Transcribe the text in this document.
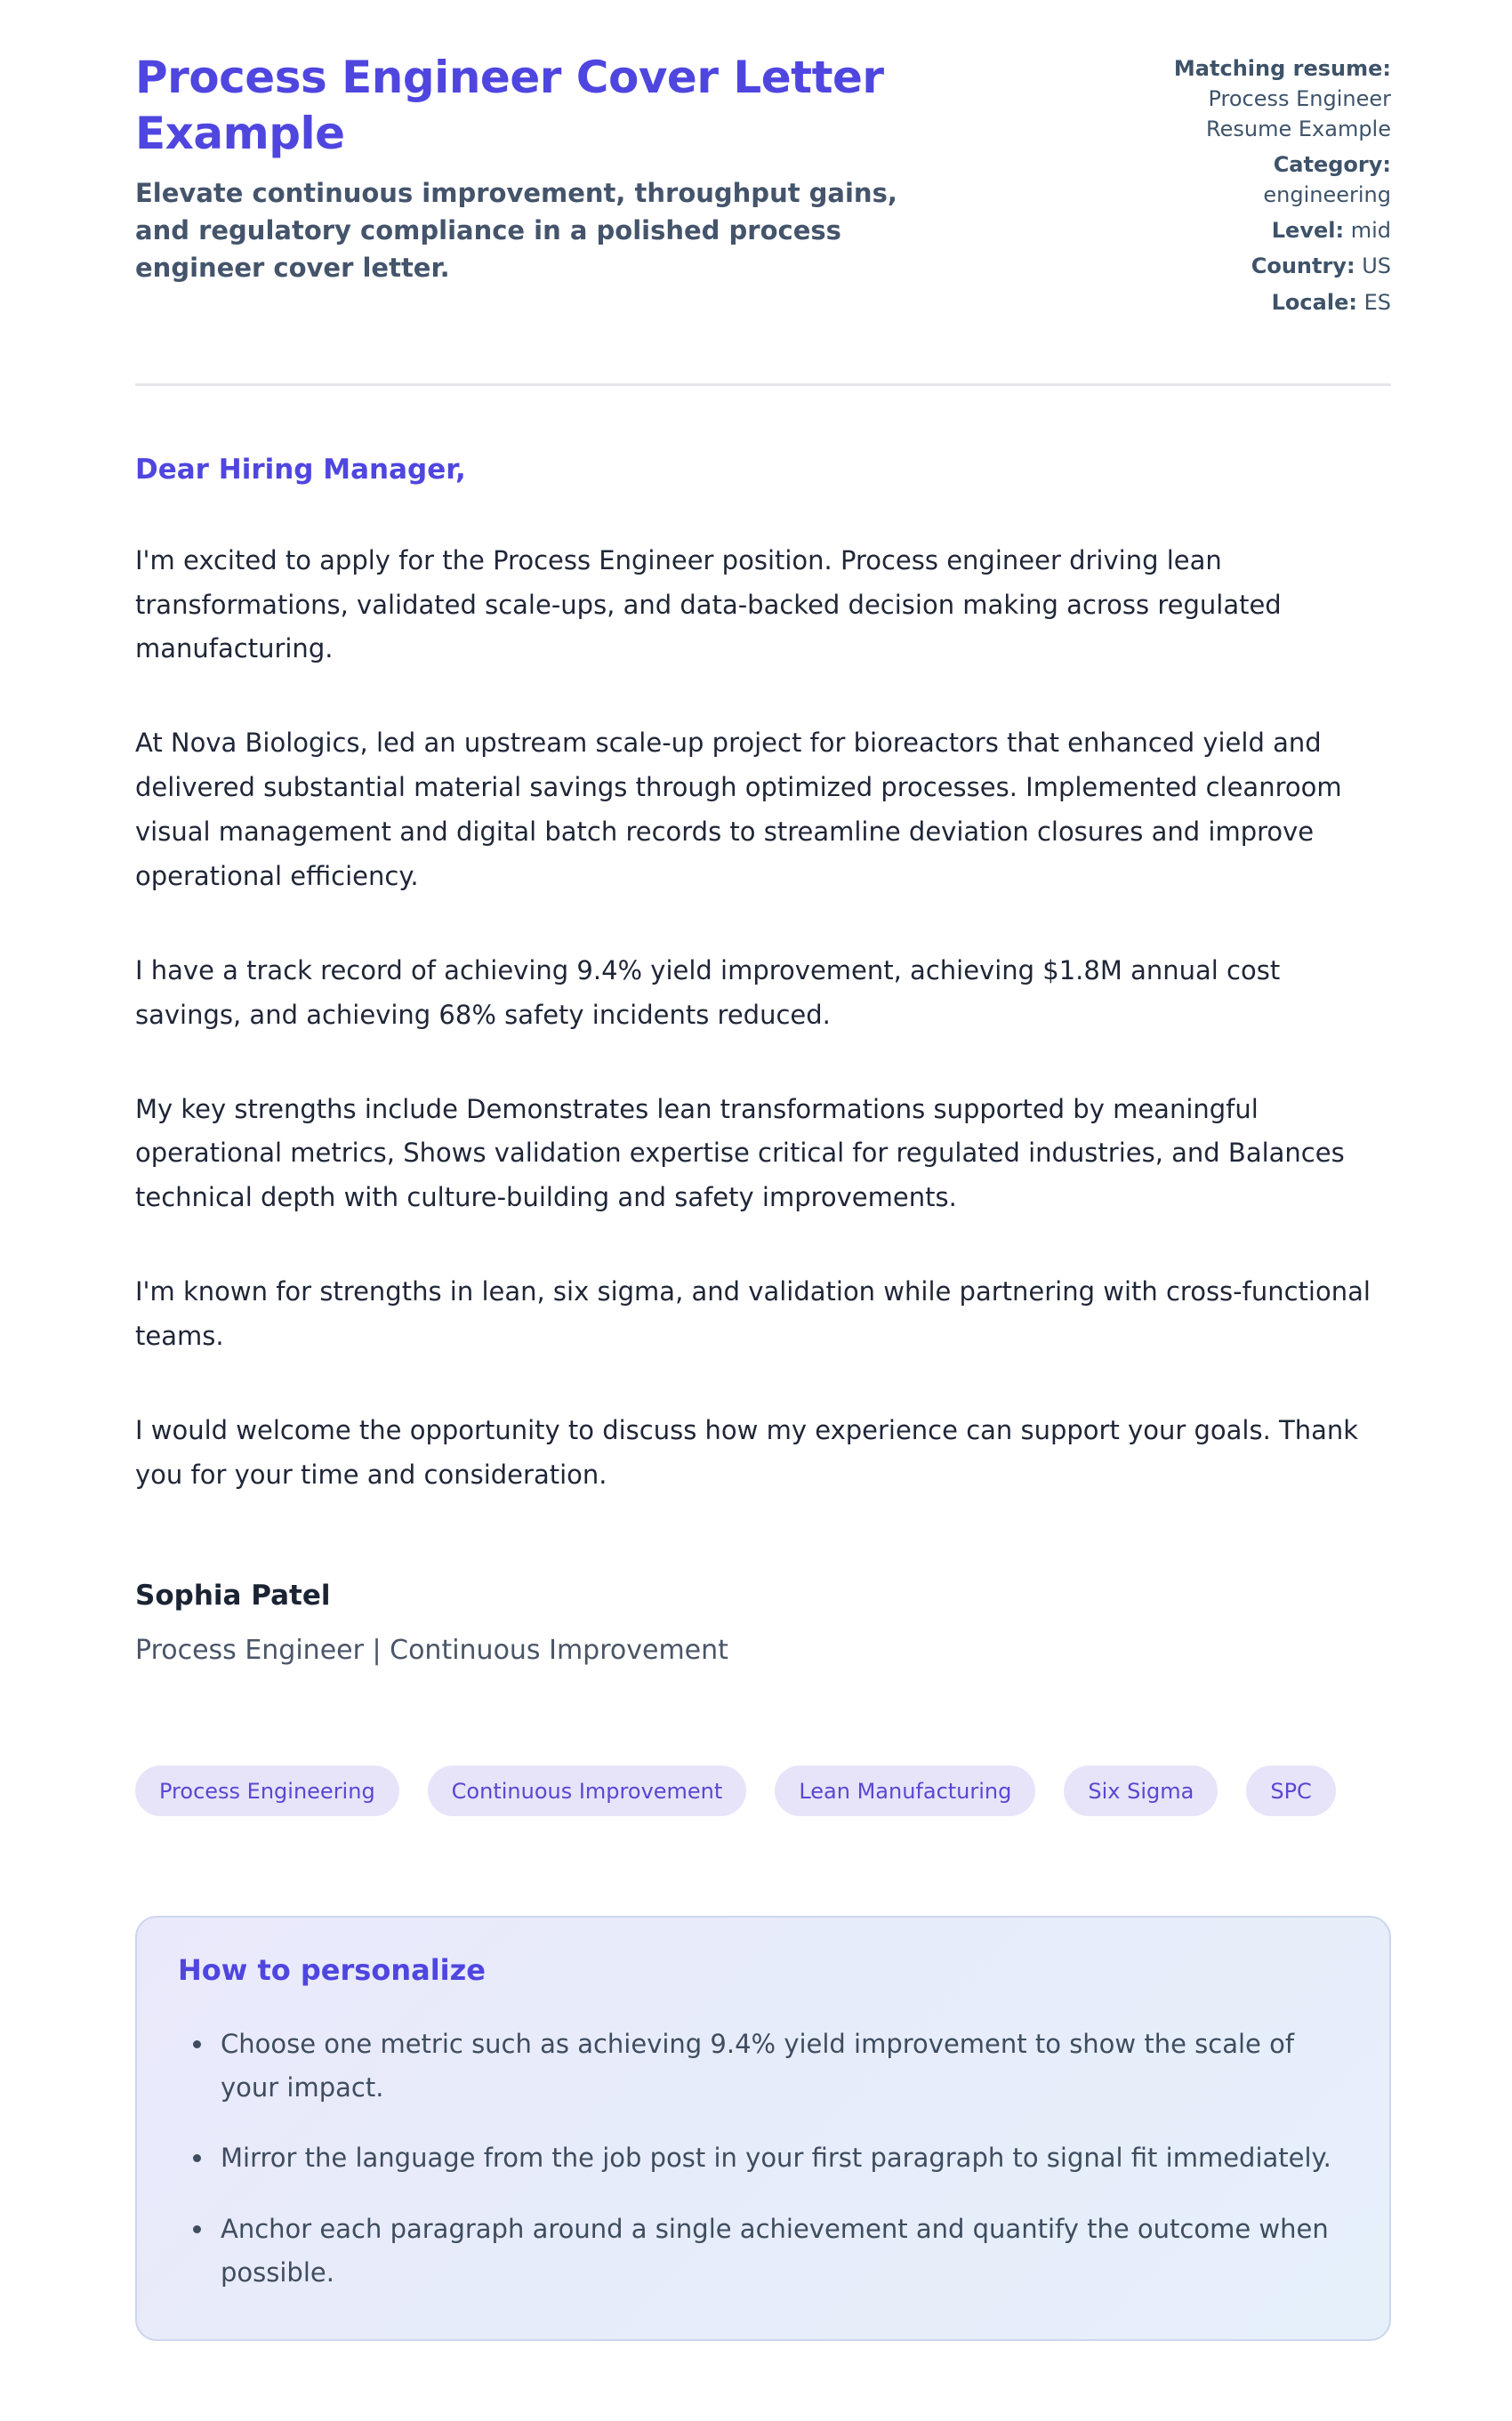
Process Engineer Cover Letter Example

Elevate continuous improvement, throughput gains, and regulatory compliance in a polished process engineer cover letter.

Matching resume: Process Engineer Resume Example
Category: engineering
Level: mid
Country: US
Locale: ES

Dear Hiring Manager,

I'm excited to apply for the Process Engineer position. Process engineer driving lean transformations, validated scale-ups, and data-backed decision making across regulated manufacturing.

At Nova Biologics, led an upstream scale-up project for bioreactors that enhanced yield and delivered substantial material savings through optimized processes. Implemented cleanroom visual management and digital batch records to streamline deviation closures and improve operational efficiency.

I have a track record of achieving 9.4% yield improvement, achieving $1.8M annual cost savings, and achieving 68% safety incidents reduced.

My key strengths include Demonstrates lean transformations supported by meaningful operational metrics, Shows validation expertise critical for regulated industries, and Balances technical depth with culture-building and safety improvements.

I'm known for strengths in lean, six sigma, and validation while partnering with cross-functional teams.

I would welcome the opportunity to discuss how my experience can support your goals. Thank you for your time and consideration.

Sophia Patel

Process Engineer | Continuous Improvement

Process Engineering	Continuous Improvement	Lean Manufacturing	Six Sigma	SPC
How to personalize
• Choose one metric such as achieving 9.4% yield improvement to show the scale of your impact.
• Mirror the language from the job post in your first paragraph to signal fit immediately.
• Anchor each paragraph around a single achievement and quantify the outcome when possible.
